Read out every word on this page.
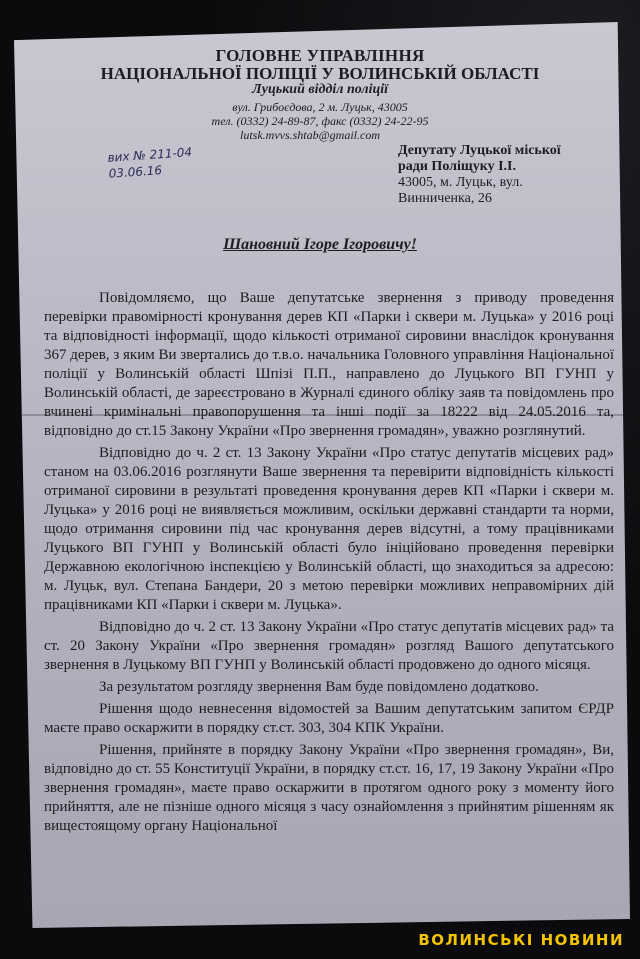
ГОЛОВНЕ УПРАВЛІННЯ
НАЦІОНАЛЬНОЇ ПОЛІЦІЇ У ВОЛИНСЬКІЙ ОБЛАСТІ
Луцький відділ поліції
вул. Грибоєдова, 2 м. Луцьк, 43005
тел. (0332) 24-89-87, факс (0332) 24-22-95
lutsk.mvvs.shtab@gmail.com
вих № 211-04
03.06.16
Депутату Луцької міської
ради Поліщуку І.І.
43005, м. Луцьк, вул.
Винниченка, 26
Шановний Ігоре Ігоровичу!

Повідомляємо, що Ваше депутатське звернення з приводу проведення перевірки правомірності кронування дерев КП «Парки і сквери м. Луцька» у 2016 році та відповідності інформації, щодо кількості отриманої сировини внаслідок кронування 367 дерев, з яким Ви звертались до т.в.о. начальника Головного управління Національної поліції у Волинській області Шпізі П.П., направлено до Луцького ВП ГУНП у Волинській області, де зареєстровано в Журналі єдиного обліку заяв та повідомлень про вчинені кримінальні правопорушення та інші події за 18222 від 24.05.2016 та, відповідно до ст.15 Закону України «Про звернення громадян», уважно розглянутий.

Відповідно до ч. 2 ст. 13 Закону України «Про статус депутатів місцевих рад» станом на 03.06.2016 розглянути Ваше звернення та перевірити відповідність кількості отриманої сировини в результаті проведення кронування дерев КП «Парки і сквери м. Луцька» у 2016 році не виявляється можливим, оскільки державні стандарти та норми, щодо отримання сировини під час кронування дерев відсутні, а тому працівниками Луцького ВП ГУНП у Волинській області було ініційовано проведення перевірки Державною екологічною інспекцією у Волинській області, що знаходиться за адресою: м. Луцьк, вул. Степана Бандери, 20 з метою перевірки можливих неправомірних дій працівниками КП «Парки і сквери м. Луцька».

Відповідно до ч. 2 ст. 13 Закону України «Про статус депутатів місцевих рад» та ст. 20 Закону України «Про звернення громадян» розгляд Вашого депутатського звернення в Луцькому ВП ГУНП у Волинській області продовжено до одного місяця.

За результатом розгляду звернення Вам буде повідомлено додатково.

Рішення щодо невнесення відомостей за Вашим депутатським запитом ЄРДР маєте право оскаржити в порядку ст.ст. 303, 304 КПК України.

Рішення, прийняте в порядку Закону України «Про звернення громадян», Ви, відповідно до ст. 55 Конституції України, в порядку ст.ст. 16, 17, 19 Закону України «Про звернення громадян», маєте право оскаржити в протягом одного року з моменту його прийняття, але не пізніше одного місяця з часу ознайомлення з прийнятим рішенням як вищестоящому органу Національної

ВОЛИНСЬКІ НОВИНИ
